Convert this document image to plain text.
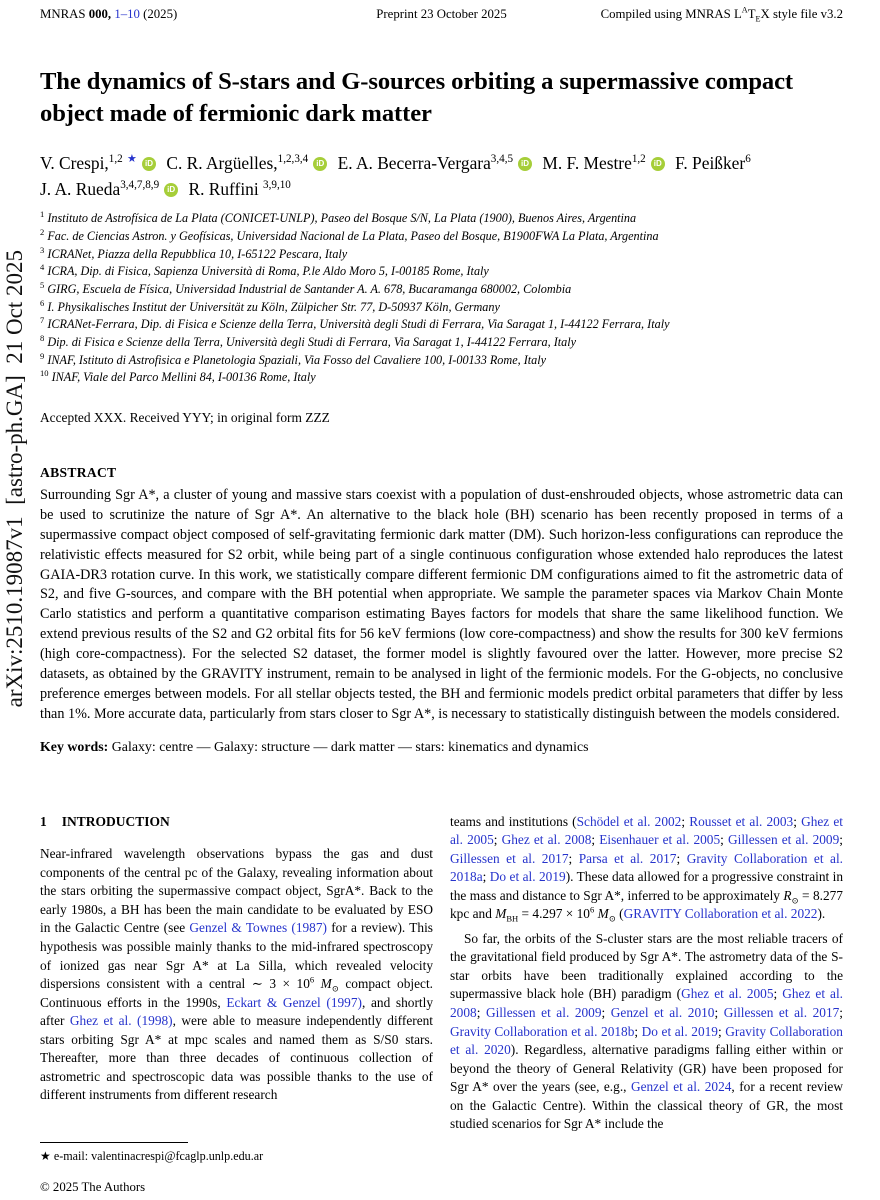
arXiv:2510.19087v1  [astro-ph.GA]  21 Oct 2025
MNRAS 000, 1–10 (2025)	Preprint 23 October 2025	Compiled using MNRAS $L^AT_EX$ style file v3.2
The dynamics of S-stars and G-sources orbiting a supermassive compact object made of fermionic dark matter
V. Crespi,$^{1,2}$ ★ iD C. R. Argüelles,$^{1,2,3,4}$ iD E. A. Becerra-Vergara$^{3,4,5}$ iD M. F. Mestre$^{1,2}$ iD F. Peißker$^6$
J. A. Rueda$^{3,4,7,8,9}$ iD R. Ruffini $^{3,9,10}$
$^1$ Instituto de Astrofísica de La Plata (CONICET-UNLP), Paseo del Bosque S/N, La Plata (1900), Buenos Aires, Argentina
$^2$ Fac. de Ciencias Astron. y Geofísicas, Universidad Nacional de La Plata, Paseo del Bosque, B1900FWA La Plata, Argentina
$^3$ ICRANet, Piazza della Repubblica 10, I-65122 Pescara, Italy
$^4$ ICRA, Dip. di Fisica, Sapienza Università di Roma, P.le Aldo Moro 5, I-00185 Rome, Italy
$^5$ GIRG, Escuela de Física, Universidad Industrial de Santander A. A. 678, Bucaramanga 680002, Colombia
$^6$ I. Physikalisches Institut der Universität zu Köln, Zülpicher Str. 77, D-50937 Köln, Germany
$^7$ ICRANet-Ferrara, Dip. di Fisica e Scienze della Terra, Università degli Studi di Ferrara, Via Saragat 1, I-44122 Ferrara, Italy
$^8$ Dip. di Fisica e Scienze della Terra, Università degli Studi di Ferrara, Via Saragat 1, I-44122 Ferrara, Italy
$^9$ INAF, Istituto di Astrofisica e Planetologia Spaziali, Via Fosso del Cavaliere 100, I-00133 Rome, Italy
$^{10}$ INAF, Viale del Parco Mellini 84, I-00136 Rome, Italy
Accepted XXX. Received YYY; in original form ZZZ
ABSTRACT

Surrounding Sgr A*, a cluster of young and massive stars coexist with a population of dust-enshrouded objects, whose astrometric data can be used to scrutinize the nature of Sgr A*. An alternative to the black hole (BH) scenario has been recently proposed in terms of a supermassive compact object composed of self-gravitating fermionic dark matter (DM). Such horizon-less configurations can reproduce the relativistic effects measured for S2 orbit, while being part of a single continuous configuration whose extended halo reproduces the latest GAIA-DR3 rotation curve. In this work, we statistically compare different fermionic DM configurations aimed to fit the astrometric data of S2, and five G-sources, and compare with the BH potential when appropriate. We sample the parameter spaces via Markov Chain Monte Carlo statistics and perform a quantitative comparison estimating Bayes factors for models that share the same likelihood function. We extend previous results of the S2 and G2 orbital fits for 56 keV fermions (low core-compactness) and show the results for 300 keV fermions (high core-compactness). For the selected S2 dataset, the former model is slightly favoured over the latter. However, more precise S2 datasets, as obtained by the GRAVITY instrument, remain to be analysed in light of the fermionic models. For the G-objects, no conclusive preference emerges between models. For all stellar objects tested, the BH and fermionic models predict orbital parameters that differ by less than 1%. More accurate data, particularly from stars closer to Sgr A*, is necessary to statistically distinguish between the models considered.

Key words: Galaxy: centre — Galaxy: structure — dark matter — stars: kinematics and dynamics

1 INTRODUCTION

Near-infrared wavelength observations bypass the gas and dust components of the central pc of the Galaxy, revealing information about the stars orbiting the supermassive compact object, SgrA*. Back to the early 1980s, a BH has been the main candidate to be evaluated by ESO in the Galactic Centre (see Genzel & Townes (1987) for a review). This hypothesis was possible mainly thanks to the mid-infrared spectroscopy of ionized gas near Sgr A* at La Silla, which revealed velocity dispersions consistent with a central ∼ $3 \times 10^6$ $M_⊙$ compact object. Continuous efforts in the 1990s, Eckart & Genzel (1997), and shortly after Ghez et al. (1998), were able to measure independently different stars orbiting Sgr A* at mpc scales and named them as S/S0 stars. Thereafter, more than three decades of continuous collection of astrometric and spectroscopic data was possible thanks to the use of different instruments from different research

★ e-mail: valentinacrespi@fcaglp.unlp.edu.ar

teams and institutions (Schödel et al. 2002; Rousset et al. 2003; Ghez et al. 2005; Ghez et al. 2008; Eisenhauer et al. 2005; Gillessen et al. 2009; Gillessen et al. 2017; Parsa et al. 2017; Gravity Collaboration et al. 2018a; Do et al. 2019). These data allowed for a progressive constraint in the mass and distance to Sgr A*, inferred to be approximately $R_⊙ = 8.277$ kpc and $M_{BH} = 4.297 \times 10^6$ $M_⊙$ (GRAVITY Collaboration et al. 2022).

So far, the orbits of the S-cluster stars are the most reliable tracers of the gravitational field produced by Sgr A*. The astrometry data of the S-star orbits have been traditionally explained according to the supermassive black hole (BH) paradigm (Ghez et al. 2005; Ghez et al. 2008; Gillessen et al. 2009; Genzel et al. 2010; Gillessen et al. 2017; Gravity Collaboration et al. 2018b; Do et al. 2019; Gravity Collaboration et al. 2020). Regardless, alternative paradigms falling either within or beyond the theory of General Relativity (GR) have been proposed for Sgr A* over the years (see, e.g., Genzel et al. 2024, for a recent review on the Galactic Centre). Within the classical theory of GR, the most studied scenarios for Sgr A* include the

© 2025 The Authors
